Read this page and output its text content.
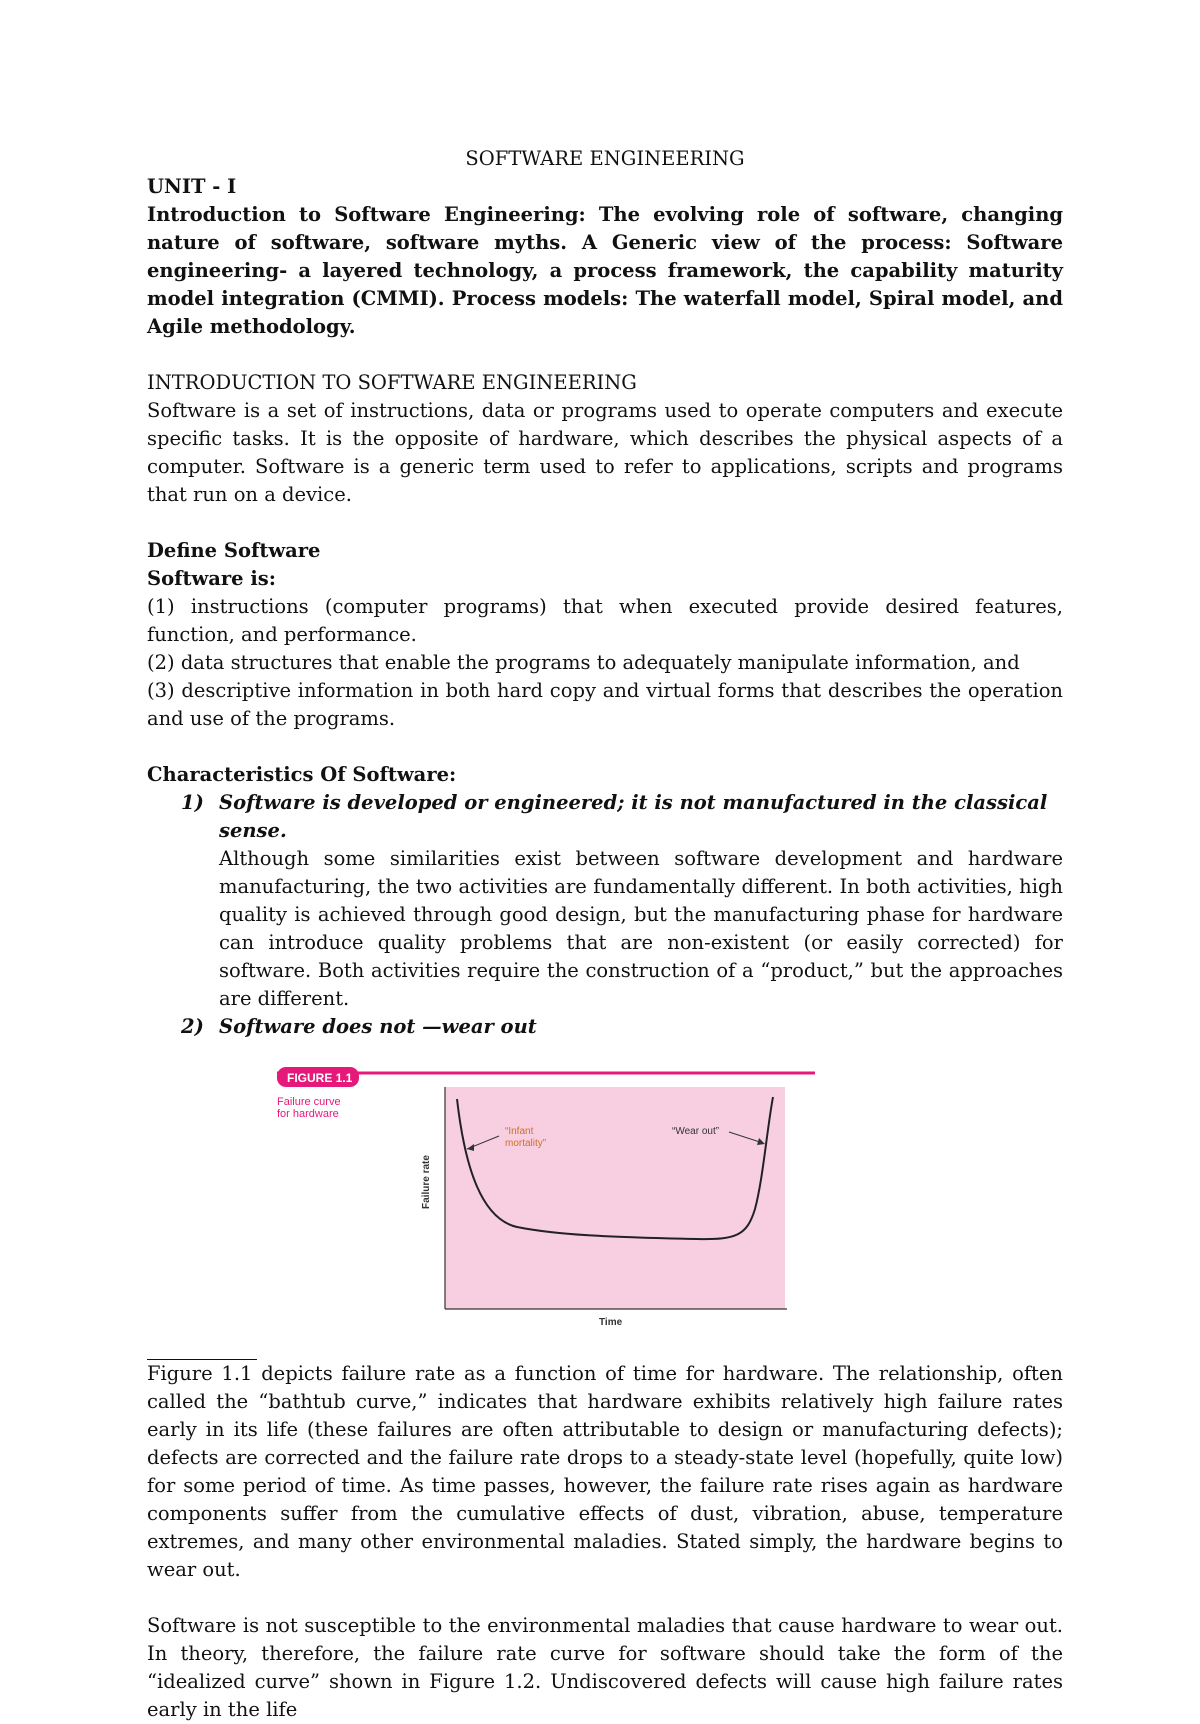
SOFTWARE ENGINEERING

UNIT - I

Introduction to Software Engineering: The evolving role of software, changing nature of software, software myths. A Generic view of the process: Software engineering- a layered technology, a process framework, the capability maturity model integration (CMMI). Process models: The waterfall model, Spiral model, and Agile methodology.

INTRODUCTION TO SOFTWARE ENGINEERING

Software is a set of instructions, data or programs used to operate computers and execute specific tasks. It is the opposite of hardware, which describes the physical aspects of a computer. Software is a generic term used to refer to applications, scripts and programs that run on a device.

Define Software

Software is:

(1) instructions (computer programs) that when executed provide desired features, function, and performance.

(2) data structures that enable the programs to adequately manipulate information, and

(3) descriptive information in both hard copy and virtual forms that describes the operation and use of the programs.

Characteristics Of Software:

1) Software is developed or engineered; it is not manufactured in the classical sense.

Although some similarities exist between software development and hardware manufacturing, the two activities are fundamentally different. In both activities, high quality is achieved through good design, but the manufacturing phase for hardware can introduce quality problems that are non-existent (or easily corrected) for software. Both activities require the construction of a “product,” but the approaches are different.

2) Software does not —wear out
FIGURE 1.1
Failure curve
for hardware
“Infant
mortality”
“Wear out”
Failure rate
Time

Figure 1.1 depicts failure rate as a function of time for hardware. The relationship, often called the “bathtub curve,” indicates that hardware exhibits relatively high failure rates early in its life (these failures are often attributable to design or manufacturing defects); defects are corrected and the failure rate drops to a steady-state level (hopefully, quite low) for some period of time. As time passes, however, the failure rate rises again as hardware components suffer from the cumulative effects of dust, vibration, abuse, temperature extremes, and many other environmental maladies. Stated simply, the hardware begins to wear out.

Software is not susceptible to the environmental maladies that cause hardware to wear out. In theory, therefore, the failure rate curve for software should take the form of the “idealized curve” shown in Figure 1.2. Undiscovered defects will cause high failure rates early in the life
